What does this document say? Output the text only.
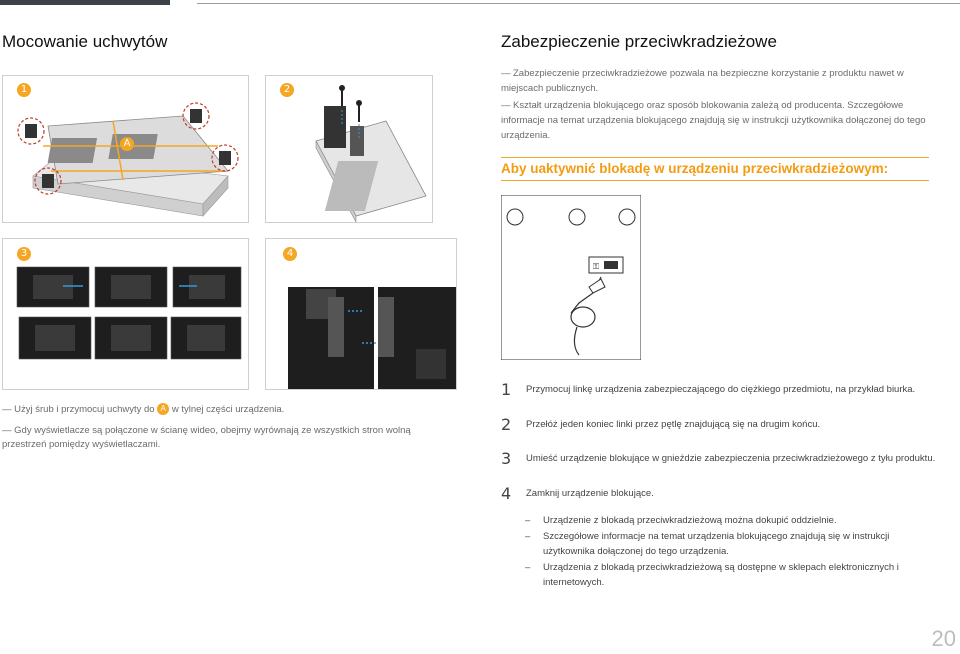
Mocowanie uchwytów	Zabezpieczenie przeciwkradzieżowe
1
A
2
3	4
— Użyj śrub i przymocuj uchwyty do A w tylnej części urządzenia.
— Gdy wyświetlacze są połączone w ścianę wideo, obejmy wyrównają ze wszystkich stron wolną przestrzeń pomiędzy wyświetlaczami.
— Zabezpieczenie przeciwkradzieżowe pozwala na bezpieczne korzystanie z produktu nawet w miejscach publicznych.
— Kształt urządzenia blokującego oraz sposób blokowania zależą od producenta. Szczegółowe informacje na temat urządzenia blokującego znajdują się w instrukcji użytkownika dołączonej do tego urządzenia.
Aby uaktywnić blokadę w urządzeniu przeciwkradzieżowym:
⚿
1 Przymocuj linkę urządzenia zabezpieczającego do ciężkiego przedmiotu, na przykład biurka.
2 Przełóż jeden koniec linki przez pętlę znajdującą się na drugim końcu.
3 Umieść urządzenie blokujące w gnieździe zabezpieczenia przeciwkradzieżowego z tyłu produktu.
4 Zamknij urządzenie blokujące.
– Urządzenie z blokadą przeciwkradzieżową można dokupić oddzielnie.
– Szczegółowe informacje na temat urządzenia blokującego znajdują się w instrukcji użytkownika dołączonej do tego urządzenia.
– Urządzenia z blokadą przeciwkradzieżową są dostępne w sklepach elektronicznych i internetowych.
20
